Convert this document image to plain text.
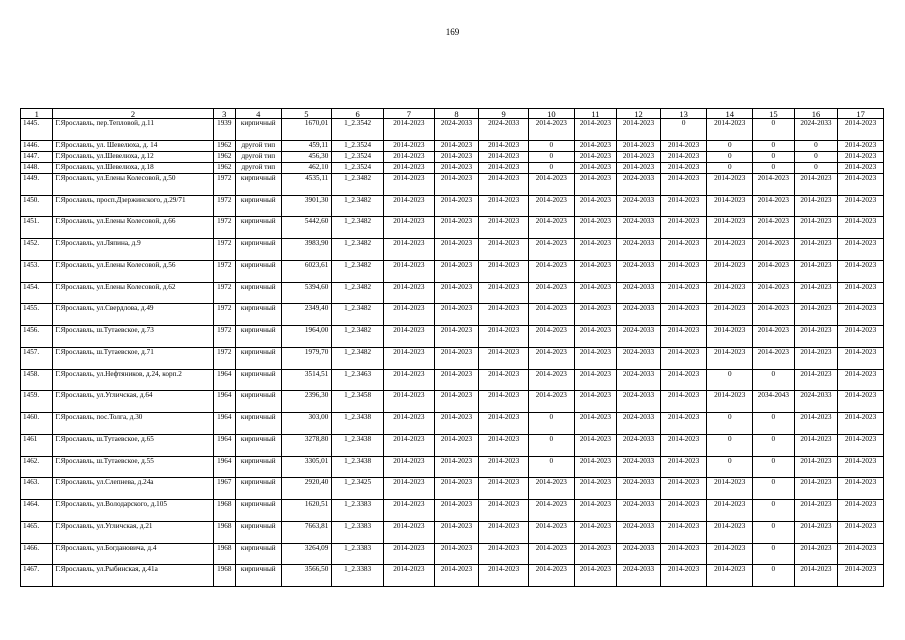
169
1	2	3	4	5	6	7	8	9	10	11	12	13	14	15	16	17
1445.	Г.Ярославль, пер.Тепловой, д.11	1939	кирпичный	1670,01	1_2.3542	2014-2023	2024-2033	2024-2033	2014-2023	2014-2023	2014-2023	0	2014-2023	0	2024-2033	2014-2023
1446.	Г.Ярославль, ул. Шевелюха, д. 14	1962	другой тип	459,11	1_2.3524	2014-2023	2014-2023	2014-2023	0	2014-2023	2014-2023	2014-2023	0	0	0	2014-2023
1447.	Г.Ярославль, ул.Шевелюха, д.12	1962	другой тип	456,30	1_2.3524	2014-2023	2014-2023	2014-2023	0	2014-2023	2014-2023	2014-2023	0	0	0	2014-2023
1448.	Г.Ярославль, ул.Шевелюха, д.18	1962	другой тип	462,10	1_2.3524	2014-2023	2014-2023	2014-2023	0	2014-2023	2014-2023	2014-2023	0	0	0	2014-2023
1449.	Г.Ярославль, ул.Елены Колесовой, д.50	1972	кирпичный	4535,11	1_2.3482	2014-2023	2014-2023	2014-2023	2014-2023	2014-2023	2024-2033	2014-2023	2014-2023	2014-2023	2014-2023	2014-2023
1450.	Г.Ярославль, просп.Дзержинского, д.29/71	1972	кирпичный	3901,30	1_2.3482	2014-2023	2014-2023	2014-2023	2014-2023	2014-2023	2024-2033	2014-2023	2014-2023	2014-2023	2014-2023	2014-2023
1451.	Г.Ярославль, ул.Елены Колесовой, д.66	1972	кирпичный	5442,60	1_2.3482	2014-2023	2014-2023	2014-2023	2014-2023	2014-2023	2024-2033	2014-2023	2014-2023	2014-2023	2014-2023	2014-2023
1452.	Г.Ярославль, ул.Ляпина, д.9	1972	кирпичный	3983,90	1_2.3482	2014-2023	2014-2023	2014-2023	2014-2023	2014-2023	2024-2033	2014-2023	2014-2023	2014-2023	2014-2023	2014-2023
1453.	Г.Ярославль, ул.Елены Колесовой, д.56	1972	кирпичный	6023,61	1_2.3482	2014-2023	2014-2023	2014-2023	2014-2023	2014-2023	2024-2033	2014-2023	2014-2023	2014-2023	2014-2023	2014-2023
1454.	Г.Ярославль, ул.Елены Колесовой, д.62	1972	кирпичный	5394,60	1_2.3482	2014-2023	2014-2023	2014-2023	2014-2023	2014-2023	2024-2033	2014-2023	2014-2023	2014-2023	2014-2023	2014-2023
1455.	Г.Ярославль, ул.Свердлова, д.49	1972	кирпичный	2349,40	1_2.3482	2014-2023	2014-2023	2014-2023	2014-2023	2014-2023	2024-2033	2014-2023	2014-2023	2014-2023	2014-2023	2014-2023
1456.	Г.Ярославль, ш.Тутаевское, д.73	1972	кирпичный	1964,00	1_2.3482	2014-2023	2014-2023	2014-2023	2014-2023	2014-2023	2024-2033	2014-2023	2014-2023	2014-2023	2014-2023	2014-2023
1457.	Г.Ярославль, ш.Тутаевское, д.71	1972	кирпичный	1979,70	1_2.3482	2014-2023	2014-2023	2014-2023	2014-2023	2014-2023	2024-2033	2014-2023	2014-2023	2014-2023	2014-2023	2014-2023
1458.	Г.Ярославль, ул.Нефтяников, д.24, корп.2	1964	кирпичный	3514,51	1_2.3463	2014-2023	2014-2023	2014-2023	2014-2023	2014-2023	2024-2033	2014-2023	0	0	2014-2023	2014-2023
1459.	Г.Ярославль, ул.Угличская, д.64	1964	кирпичный	2396,30	1_2.3458	2014-2023	2014-2023	2014-2023	2014-2023	2014-2023	2024-2033	2014-2023	2014-2023	2034-2043	2024-2033	2014-2023
1460.	Г.Ярославль, пос.Толга, д.30	1964	кирпичный	303,00	1_2.3438	2014-2023	2014-2023	2014-2023	0	2014-2023	2024-2033	2014-2023	0	0	2014-2023	2014-2023
1461	Г.Ярославль, ш.Тутаевское, д.65	1964	кирпичный	3278,80	1_2.3438	2014-2023	2014-2023	2014-2023	0	2014-2023	2024-2033	2014-2023	0	0	2014-2023	2014-2023
1462.	Г.Ярославль, ш.Тутаевское, д.55	1964	кирпичный	3305,01	1_2.3438	2014-2023	2014-2023	2014-2023	0	2014-2023	2024-2033	2014-2023	0	0	2014-2023	2014-2023
1463.	Г.Ярославль, ул.Слепнева, д.24а	1967	кирпичный	2920,40	1_2.3425	2014-2023	2014-2023	2014-2023	2014-2023	2014-2023	2024-2033	2014-2023	2014-2023	0	2014-2023	2014-2023
1464.	Г.Ярославль, ул.Володарского, д.105	1968	кирпичный	1620,51	1_2.3383	2014-2023	2014-2023	2014-2023	2014-2023	2014-2023	2024-2033	2014-2023	2014-2023	0	2014-2023	2014-2023
1465.	Г.Ярославль, ул.Угличская, д.21	1968	кирпичный	7663,81	1_2.3383	2014-2023	2014-2023	2014-2023	2014-2023	2014-2023	2024-2033	2014-2023	2014-2023	0	2014-2023	2014-2023
1466.	Г.Ярославль, ул.Богдановича, д.4	1968	кирпичный	3264,09	1_2.3383	2014-2023	2014-2023	2014-2023	2014-2023	2014-2023	2024-2033	2014-2023	2014-2023	0	2014-2023	2014-2023
1467.	Г.Ярославль, ул.Рыбинская, д.41а	1968	кирпичный	3566,50	1_2.3383	2014-2023	2014-2023	2014-2023	2014-2023	2014-2023	2024-2033	2014-2023	2014-2023	0	2014-2023	2014-2023
